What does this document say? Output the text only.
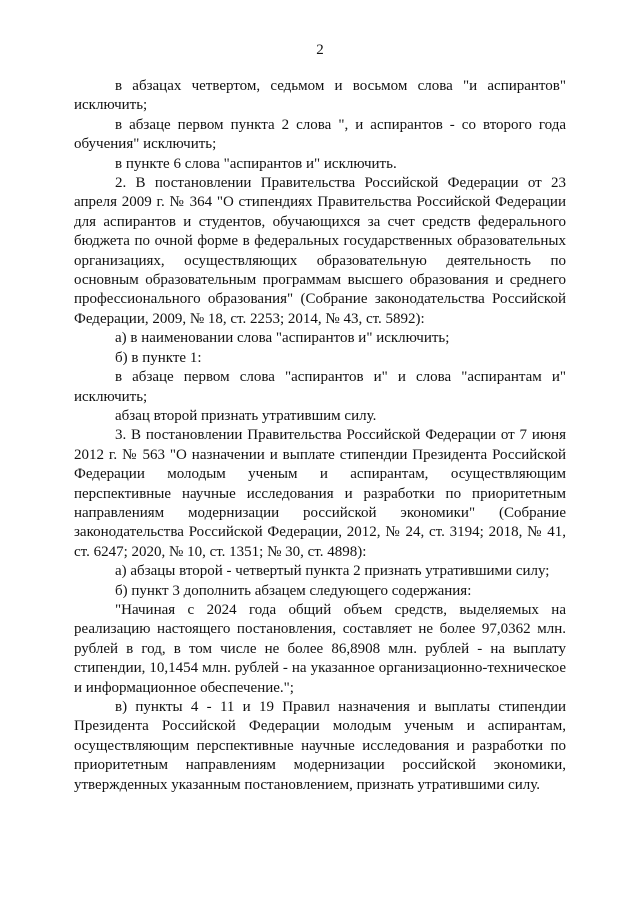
2

в абзацах четвертом, седьмом и восьмом слова "и аспирантов" исключить;

в абзаце первом пункта 2 слова ", и аспирантов - со второго года обучения" исключить;

в пункте 6 слова "аспирантов и" исключить.

2. В постановлении Правительства Российской Федерации от 23 апреля 2009 г. № 364 "О стипендиях Правительства Российской Федерации для аспирантов и студентов, обучающихся за счет средств федерального бюджета по очной форме в федеральных государственных образовательных организациях, осуществляющих образовательную деятельность по основным образовательным программам высшего образования и среднего профессионального образования" (Собрание законодательства Российской Федерации, 2009, № 18, ст. 2253; 2014, № 43, ст. 5892):

а) в наименовании слова "аспирантов и" исключить;

б) в пункте 1:

в абзаце первом слова "аспирантов и" и слова "аспирантам и" исключить;

абзац второй признать утратившим силу.

3. В постановлении Правительства Российской Федерации от 7 июня 2012 г. № 563 "О назначении и выплате стипендии Президента Российской Федерации молодым ученым и аспирантам, осуществляющим перспективные научные исследования и разработки по приоритетным направлениям модернизации российской экономики" (Собрание законодательства Российской Федерации, 2012, № 24, ст. 3194; 2018, № 41, ст. 6247; 2020, № 10, ст. 1351; № 30, ст. 4898):

а) абзацы второй - четвертый пункта 2 признать утратившими силу;

б) пункт 3 дополнить абзацем следующего содержания:

"Начиная с 2024 года общий объем средств, выделяемых на реализацию настоящего постановления, составляет не более 97,0362 млн. рублей в год, в том числе не более 86,8908 млн. рублей - на выплату стипендии, 10,1454 млн. рублей - на указанное организационно-техническое и информационное обеспечение.";

в) пункты 4 - 11 и 19 Правил назначения и выплаты стипендии Президента Российской Федерации молодым ученым и аспирантам, осуществляющим перспективные научные исследования и разработки по приоритетным направлениям модернизации российской экономики, утвержденных указанным постановлением, признать утратившими силу.
